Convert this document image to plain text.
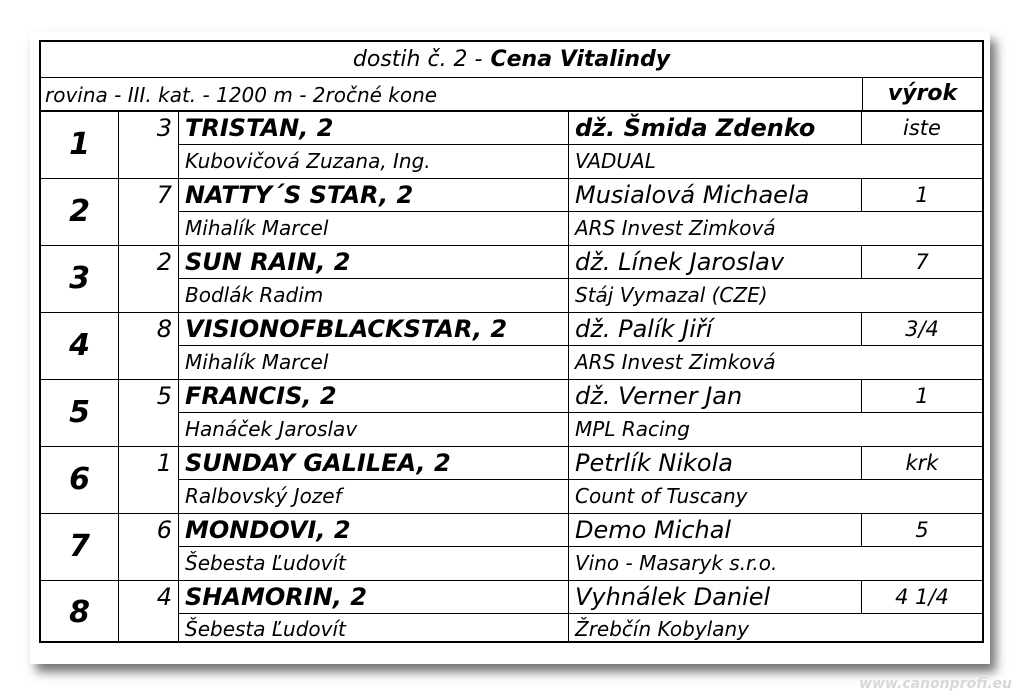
dostih č. 2 - Cena Vitalindy
rovina - III. kat. - 1200 m - 2ročné kone	výrok
1	3 TRISTAN, 2	dž. Šmida Zdenko	iste
Kubovičová Zuzana, Ing.	VADUAL
2	7 NATTY´S STAR, 2	Musialová Michaela	1
Mihalík Marcel	ARS Invest Zimková
3	2 SUN RAIN, 2	dž. Línek Jaroslav	7
Bodlák Radim	Stáj Vymazal (CZE)
4	8 VISIONOFBLACKSTAR, 2	dž. Palík Jiří	3/4
Mihalík Marcel	ARS Invest Zimková
5	5 FRANCIS, 2	dž. Verner Jan	1
Hanáček Jaroslav	MPL Racing
6	1 SUNDAY GALILEA, 2	Petrlík Nikola	krk
Ralbovský Jozef	Count of Tuscany
7	6 MONDOVI, 2	Demo Michal	5
Šebesta Ľudovít	Vino - Masaryk s.r.o.
8	4 SHAMORIN, 2	Vyhnálek Daniel	4 1/4
Šebesta Ľudovít	Žrebčín Kobylany
www.canonprofi.eu
